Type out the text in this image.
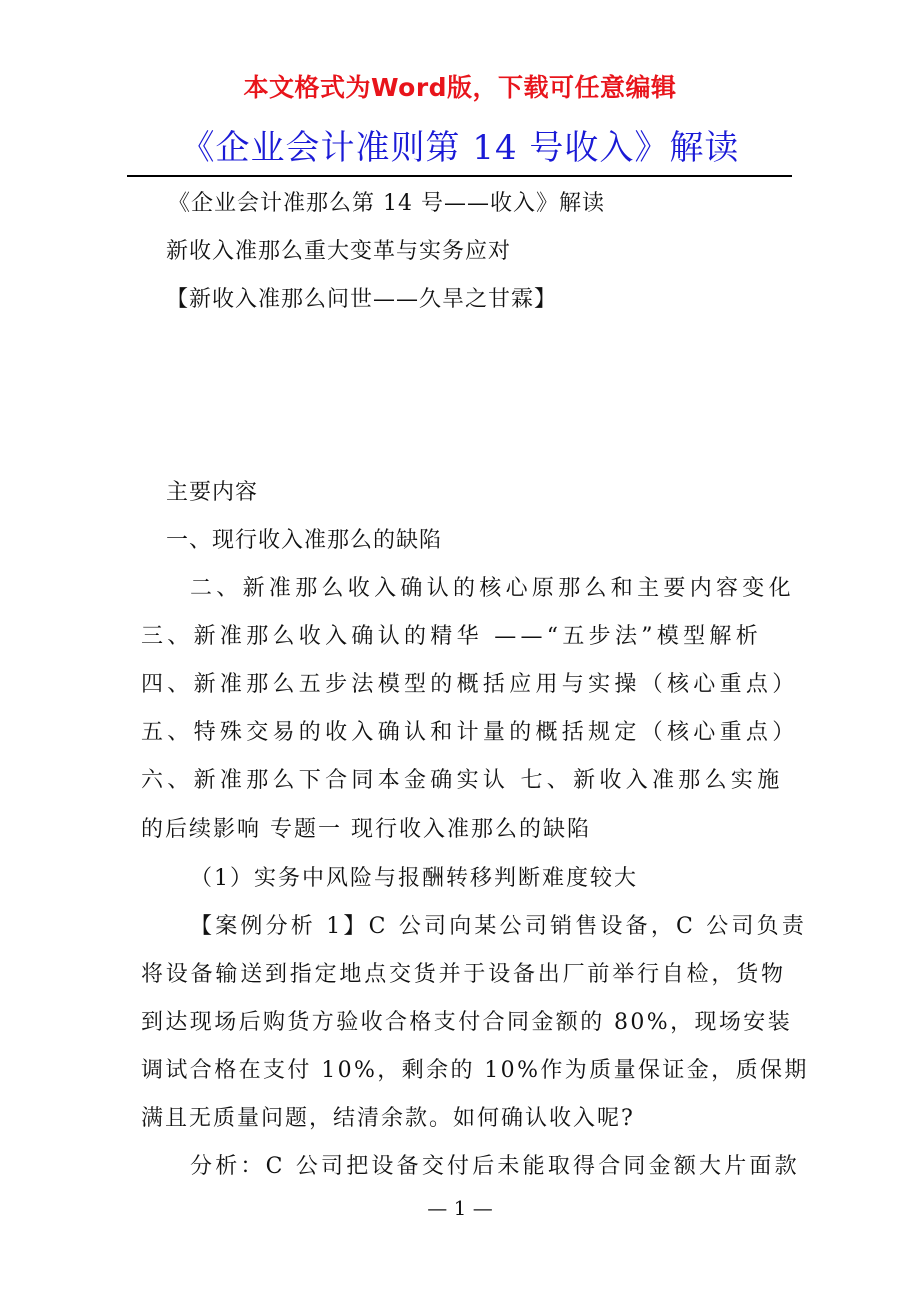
本文格式为Word版，下载可任意编辑
《企业会计准则第 14 号收入》解读
《企业会计准那么第 14 号——收入》解读
新收入准那么重大变革与实务应对
【新收入准那么问世——久旱之甘霖】
主要内容
一、现行收入准那么的缺陷
二、新准那么收入确认的核心原那么和主要内容变化
三、新准那么收入确认的精华 ——“五步法”模型解析
四、新准那么五步法模型的概括应用与实操（核心重点）
五、特殊交易的收入确认和计量的概括规定（核心重点）
六、新准那么下合同本金确实认 七、新收入准那么实施
的后续影响 专题一 现行收入准那么的缺陷
（1）实务中风险与报酬转移判断难度较大
【案例分析 1】C 公司向某公司销售设备，C 公司负责
将设备输送到指定地点交货并于设备出厂前举行自检，货物
到达现场后购货方验收合格支付合同金额的 80%，现场安装
调试合格在支付 10%，剩余的 10%作为质量保证金，质保期
满且无质量问题，结清余款。如何确认收入呢?
分析：C 公司把设备交付后未能取得合同金额大片面款
— 1 —
